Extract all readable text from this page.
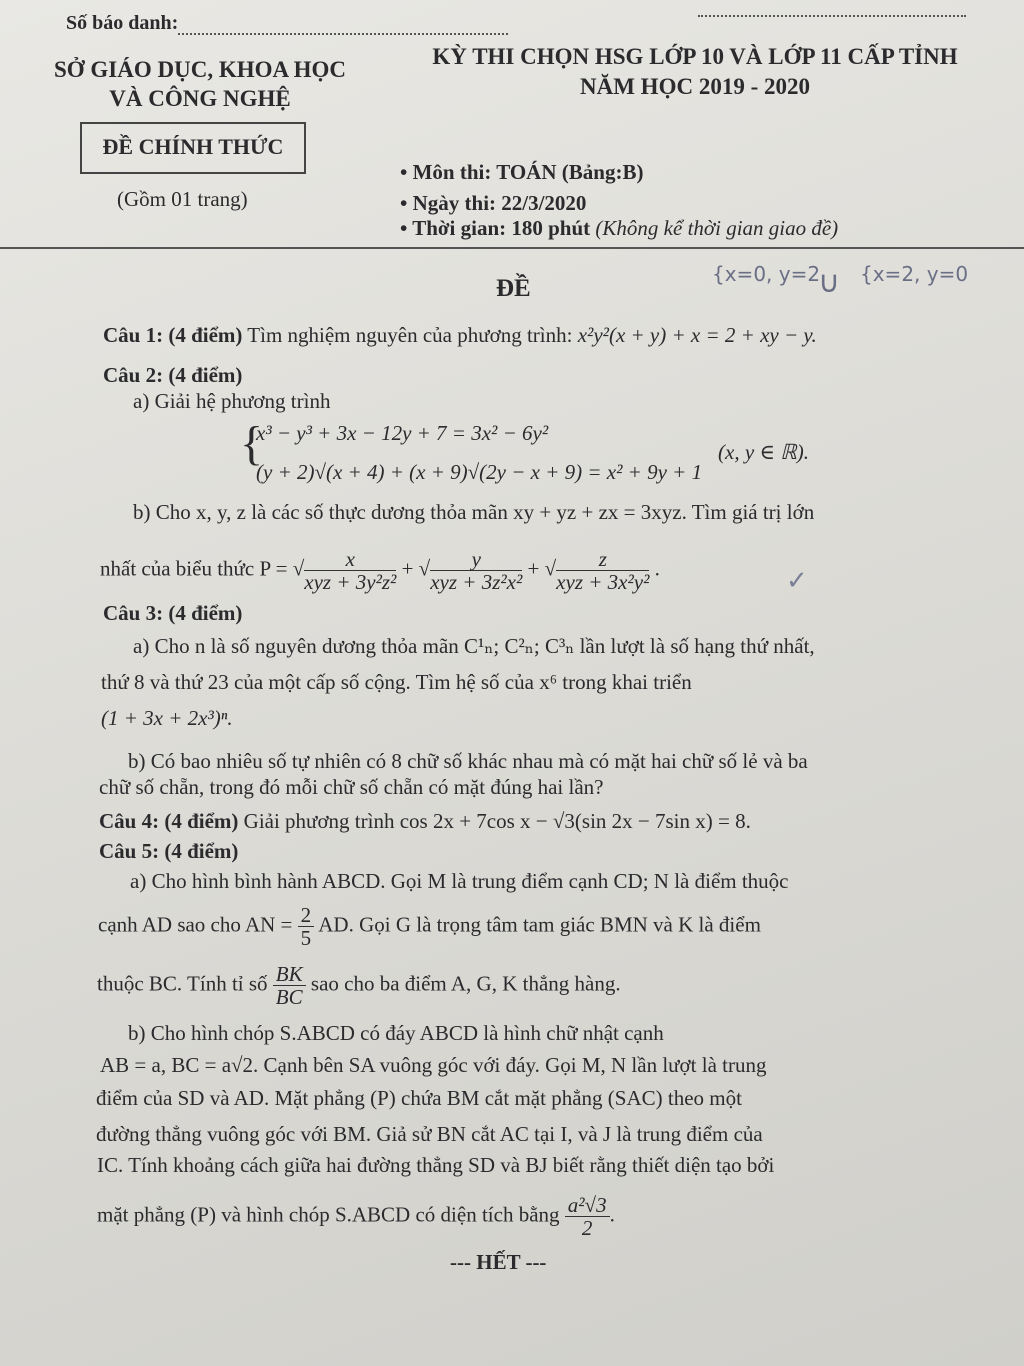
Số báo danh:
SỞ GIÁO DỤC, KHOA HỌC
VÀ CÔNG NGHỆ
KỲ THI CHỌN HSG LỚP 10 VÀ LỚP 11 CẤP TỈNH
NĂM HỌC 2019 - 2020
ĐỀ CHÍNH THỨC
(Gồm 01 trang)
• Môn thi: TOÁN (Bảng:B)
• Ngày thi: 22/3/2020
• Thời gian: 180 phút (Không kể thời gian giao đề)
ĐỀ
{x=0, y=2
∪ {x=2, y=0
Câu 1: (4 điểm) Tìm nghiệm nguyên của phương trình: x²y²(x + y) + x = 2 + xy − y.
Câu 2: (4 điểm)
a) Giải hệ phương trình
{
x³ − y³ + 3x − 12y + 7 = 3x² − 6y²
(y + 2)√(x + 4) + (x + 9)√(2y − x + 9) = x² + 9y + 1
(x, y ∈ ℝ).
b) Cho x, y, z là các số thực dương thỏa mãn xy + yz + zx = 3xyz. Tìm giá trị lớn
nhất của biểu thức P = √ $\frac{x}{\text{xyz + 3y²z²}}$ + √ $\frac{y}{\text{xyz + 3z²x²}}$ + √ $\frac{z}{\text{xyz + 3x²y²}}$ .	✓
Câu 3: (4 điểm)
a) Cho n là số nguyên dương thỏa mãn C¹ₙ; C²ₙ; C³ₙ lần lượt là số hạng thứ nhất,
thứ 8 và thứ 23 của một cấp số cộng. Tìm hệ số của x⁶ trong khai triển
(1 + 3x + 2x³)ⁿ.
b) Có bao nhiêu số tự nhiên có 8 chữ số khác nhau mà có mặt hai chữ số lẻ và ba
chữ số chẵn, trong đó mỗi chữ số chẵn có mặt đúng hai lần?
Câu 4: (4 điểm) Giải phương trình cos 2x + 7cos x − √3(sin 2x − 7sin x) = 8.
Câu 5: (4 điểm)
a) Cho hình bình hành ABCD. Gọi M là trung điểm cạnh CD; N là điểm thuộc
cạnh AD sao cho AN = $\frac{2}{5}$ AD. Gọi G là trọng tâm tam giác BMN và K là điểm
thuộc BC. Tính tỉ số $\frac{BK}{BC}$ sao cho ba điểm A, G, K thẳng hàng.
b) Cho hình chóp S.ABCD có đáy ABCD là hình chữ nhật cạnh
AB = a, BC = a√2. Cạnh bên SA vuông góc với đáy. Gọi M, N lần lượt là trung
điểm của SD và AD. Mặt phẳng (P) chứa BM cắt mặt phẳng (SAC) theo một
đường thẳng vuông góc với BM. Giả sử BN cắt AC tại I, và J là trung điểm của
IC. Tính khoảng cách giữa hai đường thẳng SD và BJ biết rằng thiết diện tạo bởi
mặt phẳng (P) và hình chóp S.ABCD có diện tích bằng $\frac{\text{a²√3}}{2}$ .
--- HẾT ---
